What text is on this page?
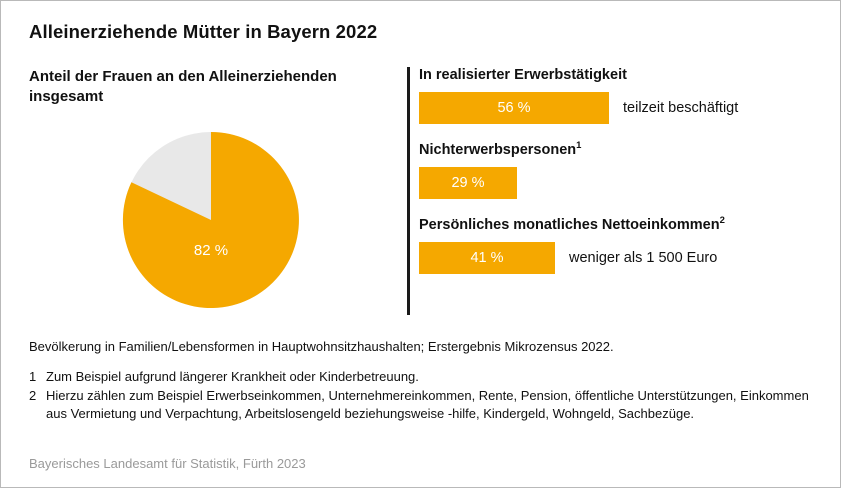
Alleinerziehende Mütter in Bayern 2022
Anteil der Frauen an den Alleinerziehenden insgesamt
82 %
In realisierter Erwerbstätigkeit
56 %	teilzeit beschäftigt
Nichterwerbspersonen$^1$
29 %
Persönliches monatliches Nettoeinkommen$^2$
41 %	weniger als 1 500 Euro
Bevölkerung in Familien/Lebensformen in Hauptwohnsitzhaushalten; Erstergebnis Mikrozensus 2022.
1 Zum Beispiel aufgrund längerer Krankheit oder Kinderbetreuung.
2 Hierzu zählen zum Beispiel Erwerbseinkommen, Unternehmereinkommen, Rente, Pension, öffentliche Unterstützungen, Einkommen aus Vermietung und Verpachtung, Arbeitslosengeld beziehungsweise -hilfe, Kindergeld, Wohngeld, Sachbezüge.
Bayerisches Landesamt für Statistik, Fürth 2023
